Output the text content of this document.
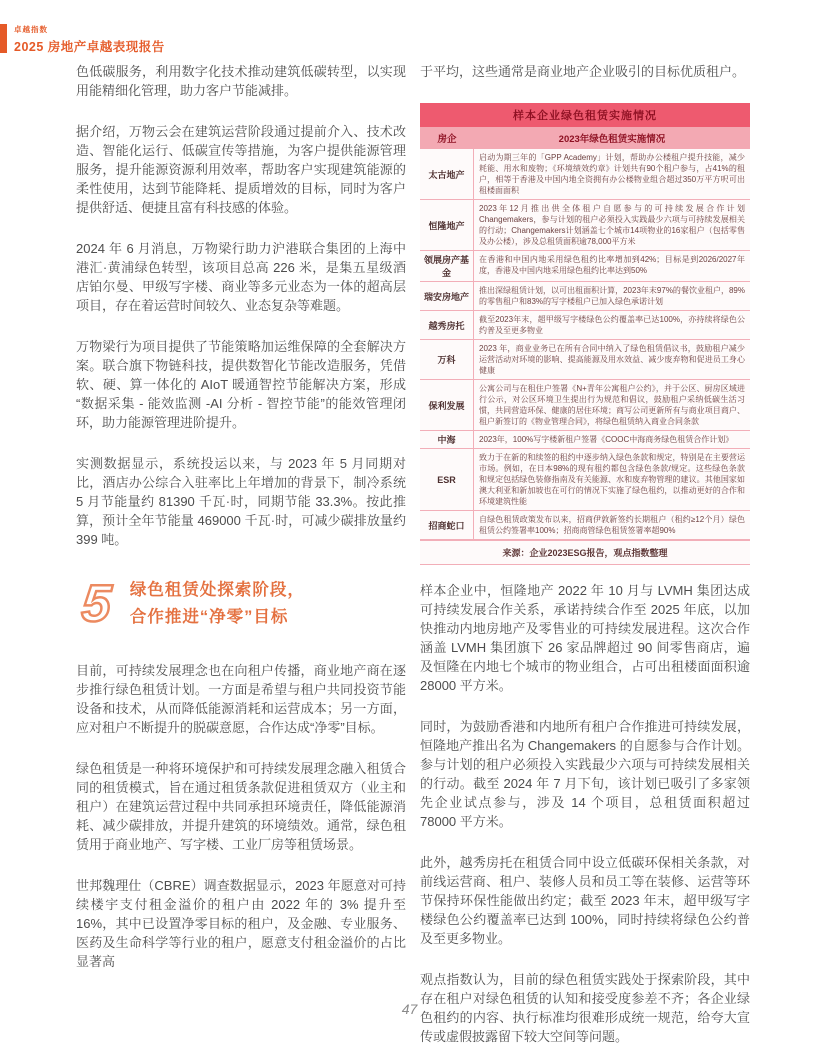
卓越指数
2025 房地产卓越表现报告

色低碳服务，利用数字化技术推动建筑低碳转型，以实现用能精细化管理，助力客户节能减排。

据介绍，万物云会在建筑运营阶段通过提前介入、技术改造、智能化运行、低碳宣传等措施，为客户提供能源管理服务，提升能源资源利用效率，帮助客户实现建筑能源的柔性使用，达到节能降耗、提质增效的目标，同时为客户提供舒适、便捷且富有科技感的体验。

2024 年 6 月消息，万物梁行助力沪港联合集团的上海中港汇·黄浦绿色转型，该项目总高 226 米，是集五星级酒店铂尔曼、甲级写字楼、商业等多元业态为一体的超高层项目，存在着运营时间较久、业态复杂等难题。

万物梁行为项目提供了节能策略加运维保障的全套解决方案。联合旗下物链科技，提供数智化节能改造服务，凭借软、硬、算一体化的 AIoT 暖通智控节能解决方案，形成“数据采集 - 能效监测 -AI 分析 - 智控节能”的能效管理闭环，助力能源管理进阶提升。

实测数据显示，系统投运以来，与 2023 年 5 月同期对比，酒店办公综合入驻率比上年增加的背景下，制冷系统 5 月节能量约 81390 千瓦·时，同期节能 33.3%。按此推算，预计全年节能量 469000 千瓦·时，可减少碳排放量约 399 吨。

5 绿色租赁处探索阶段，
合作推进“净零”目标

目前，可持续发展理念也在向租户传播，商业地产商在逐步推行绿色租赁计划。一方面是希望与租户共同投资节能设备和技术，从而降低能源消耗和运营成本；另一方面，应对租户不断提升的脱碳意愿，合作达成“净零”目标。

绿色租赁是一种将环境保护和可持续发展理念融入租赁合同的租赁模式，旨在通过租赁条款促进租赁双方（业主和租户）在建筑运营过程中共同承担环境责任，降低能源消耗、减少碳排放，并提升建筑的环境绩效。通常，绿色租赁用于商业地产、写字楼、工业厂房等租赁场景。

世邦魏理仕（CBRE）调查数据显示，2023 年愿意对可持续楼宇支付租金溢价的租户由 2022 年的 3% 提升至 16%，其中已设置净零目标的租户，及金融、专业服务、医药及生命科学等行业的租户，愿意支付租金溢价的占比显著高

于平均，这些通常是商业地产企业吸引的目标优质租户。

样本企业绿色租赁实施情况
房企	2023年绿色租赁实施情况
太古地产
启动为期三年的「GPP Academy」计划，帮助办公楼租户提升技能，减少耗能、用水和废物；《环境绩效约章》计划共有90个租户参与，占41%的租户，相等于香港及中国内地全资拥有办公楼物业组合超过350万平方呎可出租楼面面积
恒隆地产
2023年12月推出供全体租户自愿参与的可持续发展合作计划Changemakers，参与计划的租户必须投入实践最少六项与可持续发展相关的行动；Changemakers计划涵盖七个城市14项物业的16家租户（包括零售及办公楼），涉及总租赁面积逾78,000平方米
领展房产基金
在香港和中国内地采用绿色租约比率增加到42%；目标是到2026/2027年度，香港及中国内地采用绿色租约比率达到50%
瑞安房地产
推出深绿租赁计划，以可出租面积计算，2023年末97%的餐饮业租户，89%的零售租户和83%的写字楼租户已加入绿色承诺计划
越秀房托
截至2023年末，超甲级写字楼绿色公约覆盖率已达100%，亦持续将绿色公约普及至更多物业
万科
2023 年，商业业务已在所有合同中纳入了绿色租赁倡议书，鼓励租户减少运营活动对环境的影响、提高能源及用水效益、减少废弃物和促进员工身心健康
保利发展
公寓公司与在租住户签署《N+青年公寓租户公约》，并于公区、厨房区域进行公示，对公区环境卫生提出行为规范和倡议，鼓励租户采纳低碳生活习惯，共同营造环保、健康的居住环境；商写公司更新所有与商业项目商户、租户新签订的《物业管理合同》，将绿色租赁纳入商业合同条款
中海	2023年，100%写字楼新租户签署《COOC中海商务绿色租赁合作计划》
ESR
致力于在新的和续签的租约中逐步纳入绿色条款和规定，特别是在主要营运市场。例如，在日本98%的现有租约都包含绿色条款/规定。这些绿色条款和规定包括绿色装修指南及有关能源、水和废弃物管理的建议。其他国家如澳大利亚和新加坡也在可行的情况下实施了绿色租约，以推动更好的合作和环境建筑性能
招商蛇口
自绿色租赁政策发布以来，招商伊敦新签约长期租户（租约≥12个月）绿色租赁公约签署率100%；招商商管绿色租赁签署率超90%
来源：企业2023ESG报告，观点指数整理

样本企业中，恒隆地产 2022 年 10 月与 LVMH 集团达成可持续发展合作关系，承诺持续合作至 2025 年底，以加快推动内地房地产及零售业的可持续发展进程。这次合作涵盖 LVMH 集团旗下 26 家品牌超过 90 间零售商店，遍及恒隆在内地七个城市的物业组合，占可出租楼面面积逾 28000 平方米。

同时，为鼓励香港和内地所有租户合作推进可持续发展，恒隆地产推出名为 Changemakers 的自愿参与合作计划。参与计划的租户必须投入实践最少六项与可持续发展相关的行动。截至 2024 年 7 月下旬，该计划已吸引了多家领先企业试点参与，涉及 14 个项目，总租赁面积超过 78000 平方米。

此外，越秀房托在租赁合同中设立低碳环保相关条款，对前线运营商、租户、装修人员和员工等在装修、运营等环节保持环保性能做出约定；截至 2023 年末，超甲级写字楼绿色公约覆盖率已达到 100%，同时持续将绿色公约普及至更多物业。

观点指数认为，目前的绿色租赁实践处于探索阶段，其中存在租户对绿色租赁的认知和接受度参差不齐；各企业绿色租约的内容、执行标准均很难形成统一规范，给夸大宣传或虚假披露留下较大空间等问题。

47
